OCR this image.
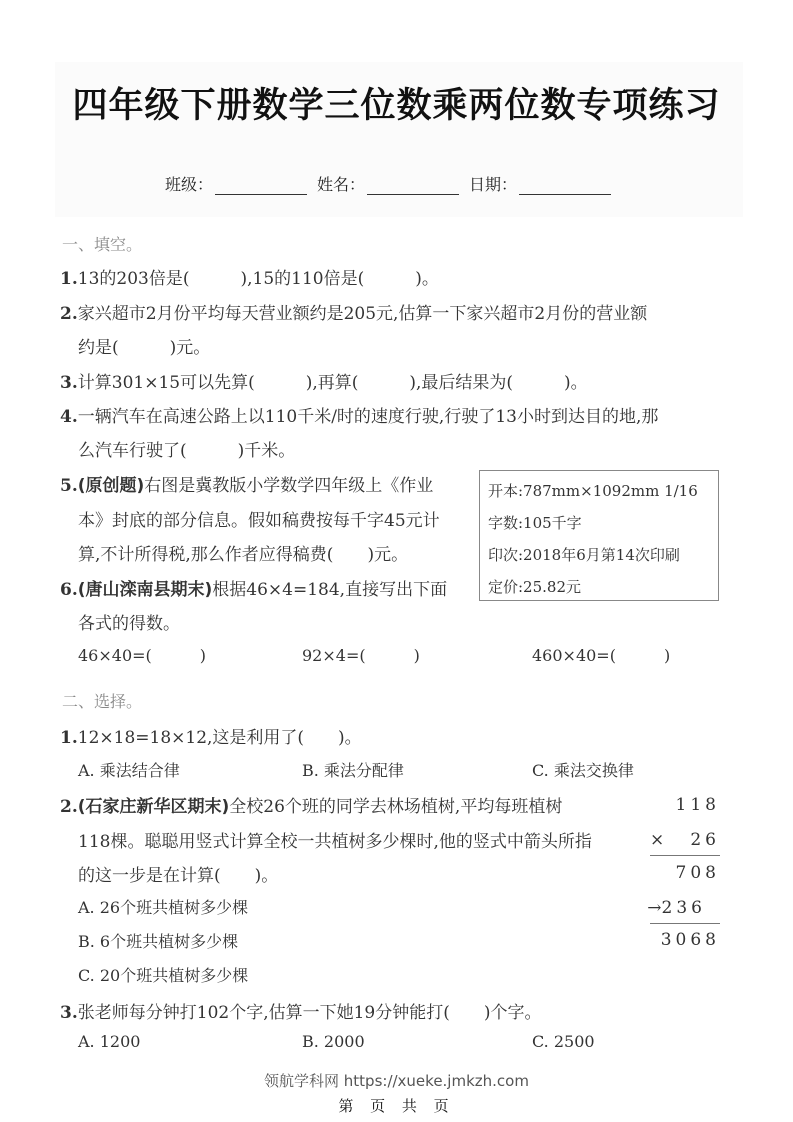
四年级下册数学三位数乘两位数专项练习
班级：	姓名：	日期：
一、填空。
1.13的203倍是(　　　),15的110倍是(　　　)。
2.家兴超市2月份平均每天营业额约是205元,估算一下家兴超市2月份的营业额
约是(　　　)元。
3.计算301×15可以先算(　　　),再算(　　　),最后结果为(　　　)。
4.一辆汽车在高速公路上以110千米/时的速度行驶,行驶了13小时到达目的地,那
么汽车行驶了(　　　)千米。
5.(原创题)右图是冀教版小学数学四年级上《作业
本》封底的部分信息。假如稿费按每千字45元计
算,不计所得税,那么作者应得稿费(　　)元。
开本:787mm×1092mm 1/16
字数:105千字
印次:2018年6月第14次印刷
定价:25.82元
6.(唐山滦南县期末)根据46×4=184,直接写出下面
各式的得数。
46×40=(　　　)	92×4=(　　　)	460×40=(　　　)
二、选择。
1.12×18=18×12,这是利用了(　　)。
A. 乘法结合律	B. 乘法分配律	C. 乘法交换律
2.(石家庄新华区期末)全校26个班的同学去林场植树,平均每班植树
118棵。聪聪用竖式计算全校一共植树多少棵时,他的竖式中箭头所指
的这一步是在计算(　　)。
A. 26个班共植树多少棵
B. 6个班共植树多少棵
C. 20个班共植树多少棵
118
× 26
708
→236
3068
3.张老师每分钟打102个字,估算一下她19分钟能打(　　)个字。
A. 1200	B. 2000	C. 2500
领航学科网 https://xueke.jmkzh.com
第 页 共 页
